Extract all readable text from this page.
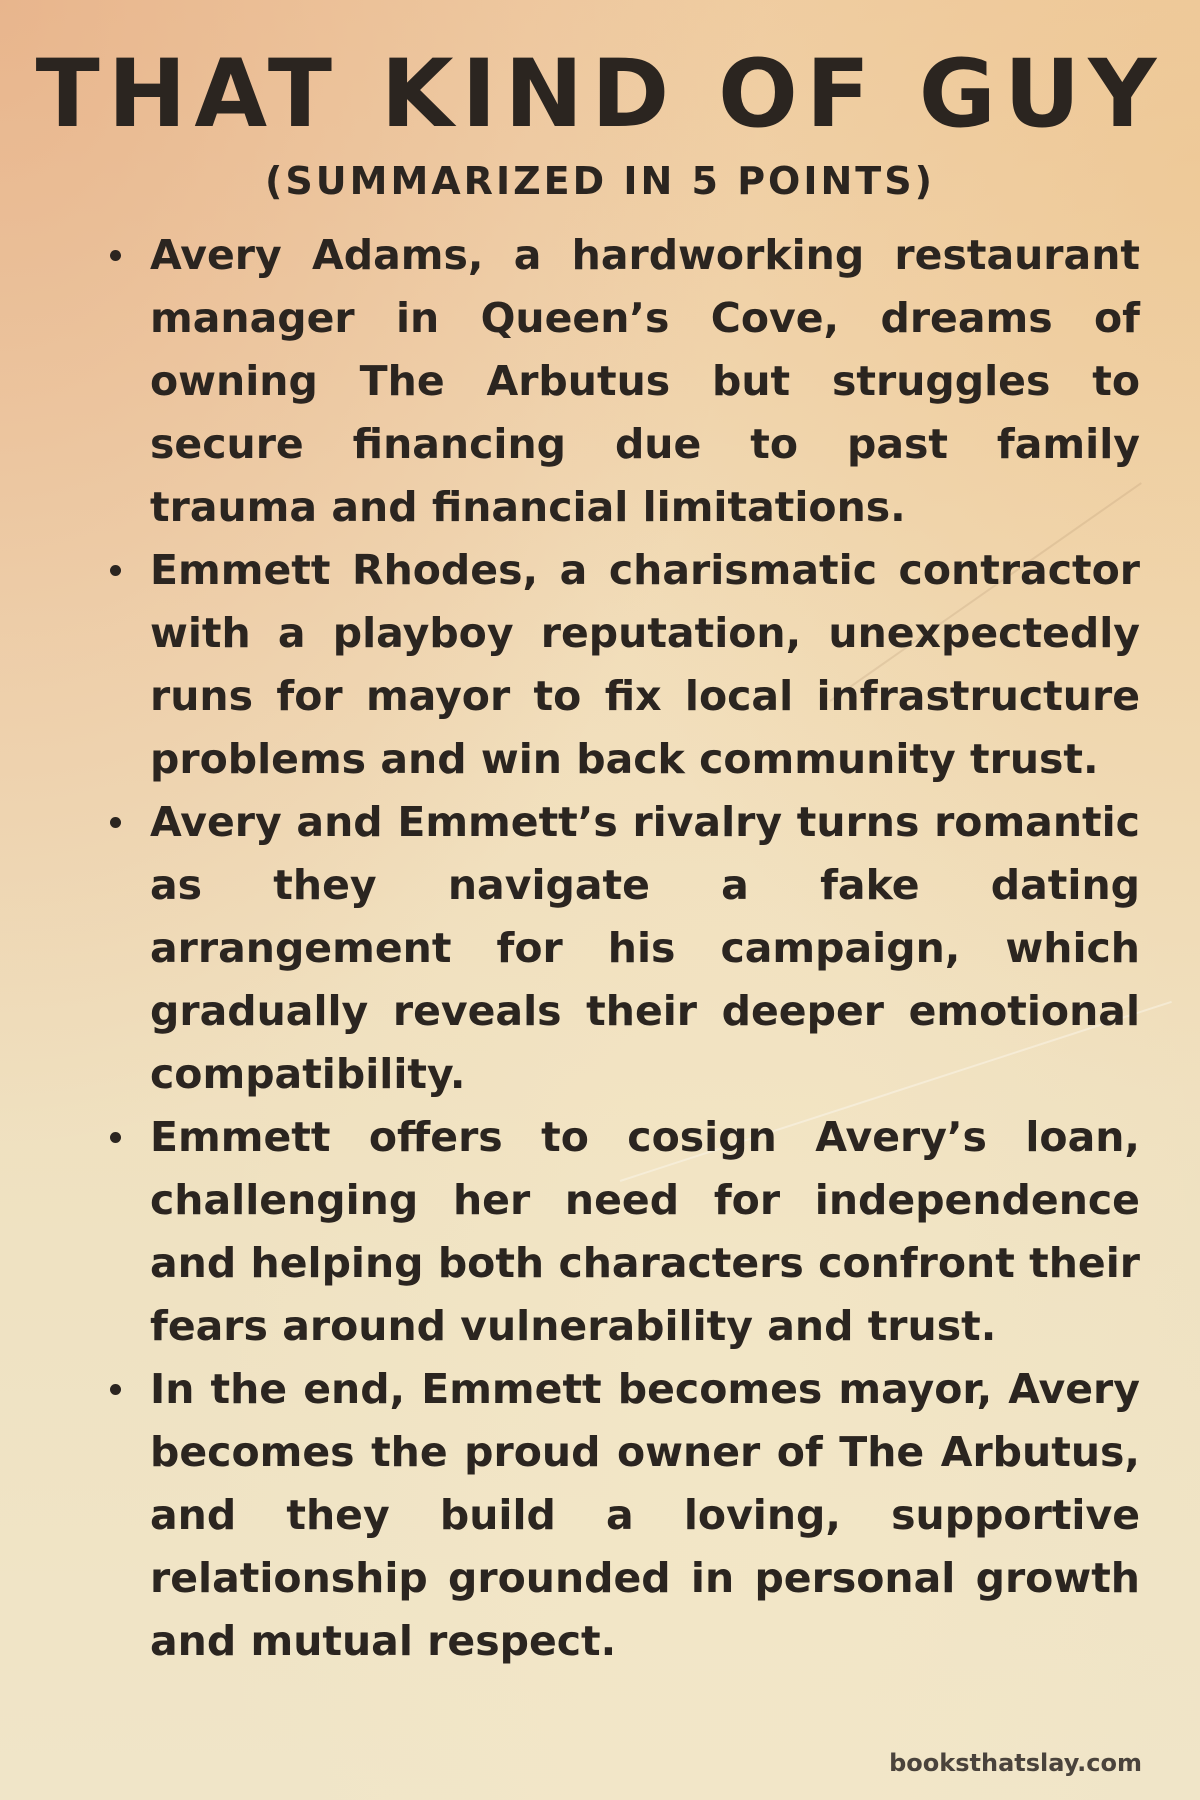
THAT KIND OF GUY
(SUMMARIZED IN 5 POINTS)
Avery Adams, a hardworking restaurant manager in Queen’s Cove, dreams of owning The Arbutus but struggles to secure financing due to past family trauma and financial limitations.
Emmett Rhodes, a charismatic contractor with a playboy reputation, unexpectedly runs for mayor to fix local infrastructure problems and win back community trust.
Avery and Emmett’s rivalry turns romantic as they navigate a fake dating arrangement for his campaign, which gradually reveals their deeper emotional compatibility.
Emmett offers to cosign Avery’s loan, challenging her need for independence and helping both characters confront their fears around vulnerability and trust.
In the end, Emmett becomes mayor, Avery becomes the proud owner of The Arbutus, and they build a loving, supportive relationship grounded in personal growth and mutual respect.
booksthatslay.com
